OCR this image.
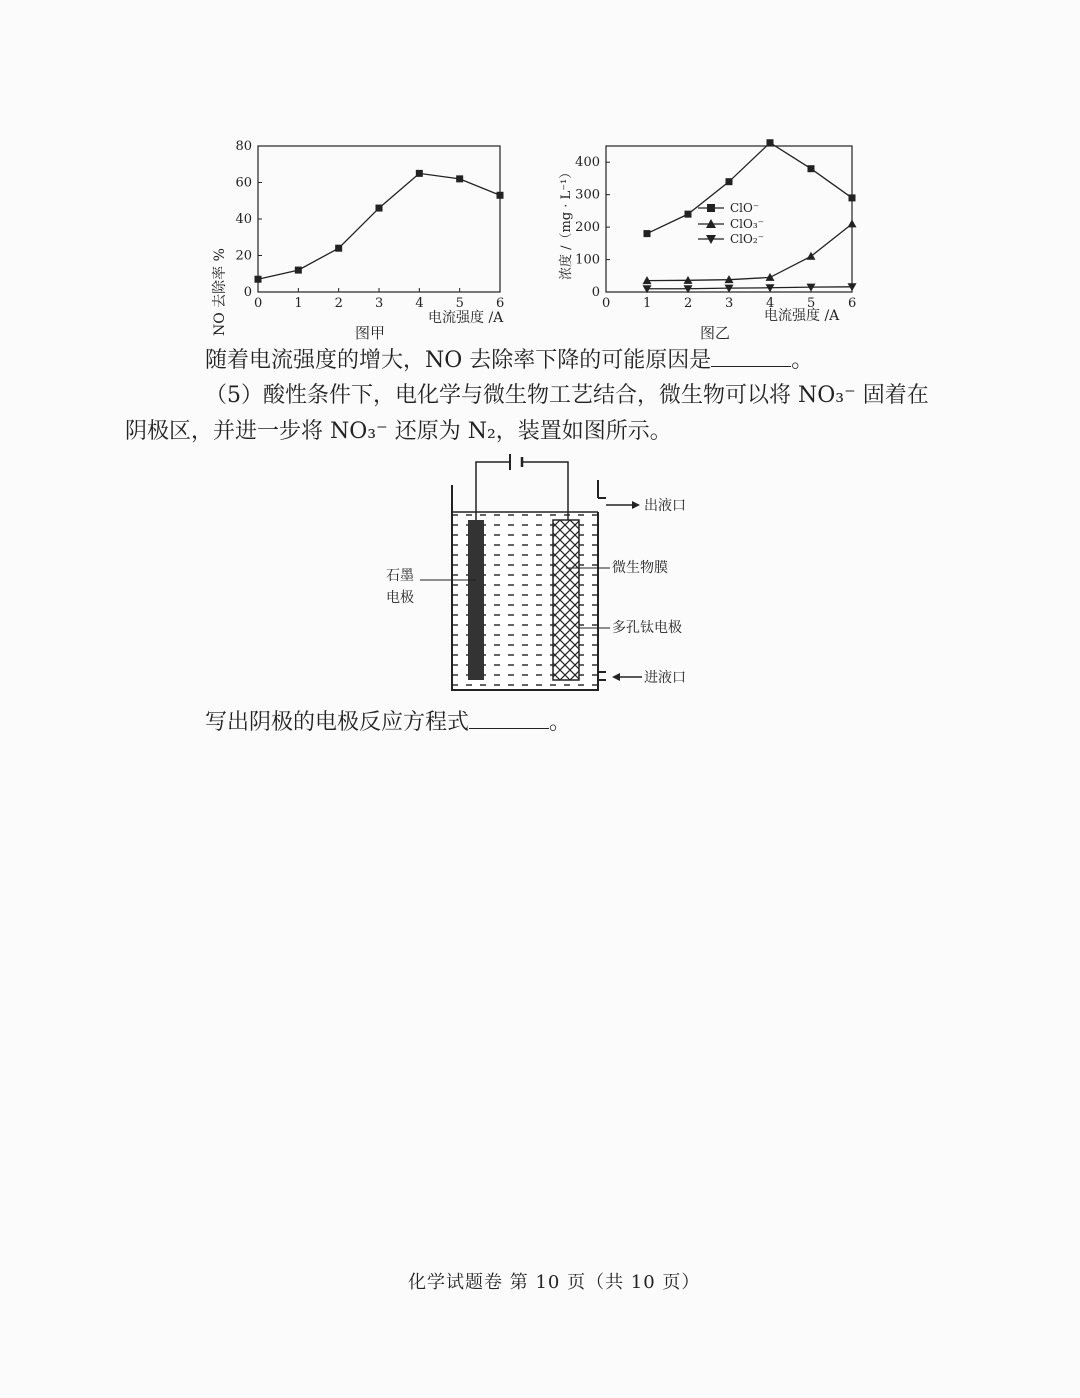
0 1 2 3 4 5 6
0
20
40
60
80
NO 去除率 %	电流强度 /A
图甲
0	1	2	3	4	5	6
0
100
200
300
400
浓度 /（mg · L⁻¹）
电流强度 /A
图乙
ClO⁻
ClO₃⁻
ClO₂⁻
随着电流强度的增大，NO 去除率下降的可能原因是	。
（5）酸性条件下，电化学与微生物工艺结合，微生物可以将 NO₃⁻ 固着在
阴极区，并进一步将 NO₃⁻ 还原为 N₂，装置如图所示。
出液口
微生物膜
多孔钛电极
进液口
石墨
电极
写出阴极的电极反应方程式	。
化学试题卷 第 10 页（共 10 页）
